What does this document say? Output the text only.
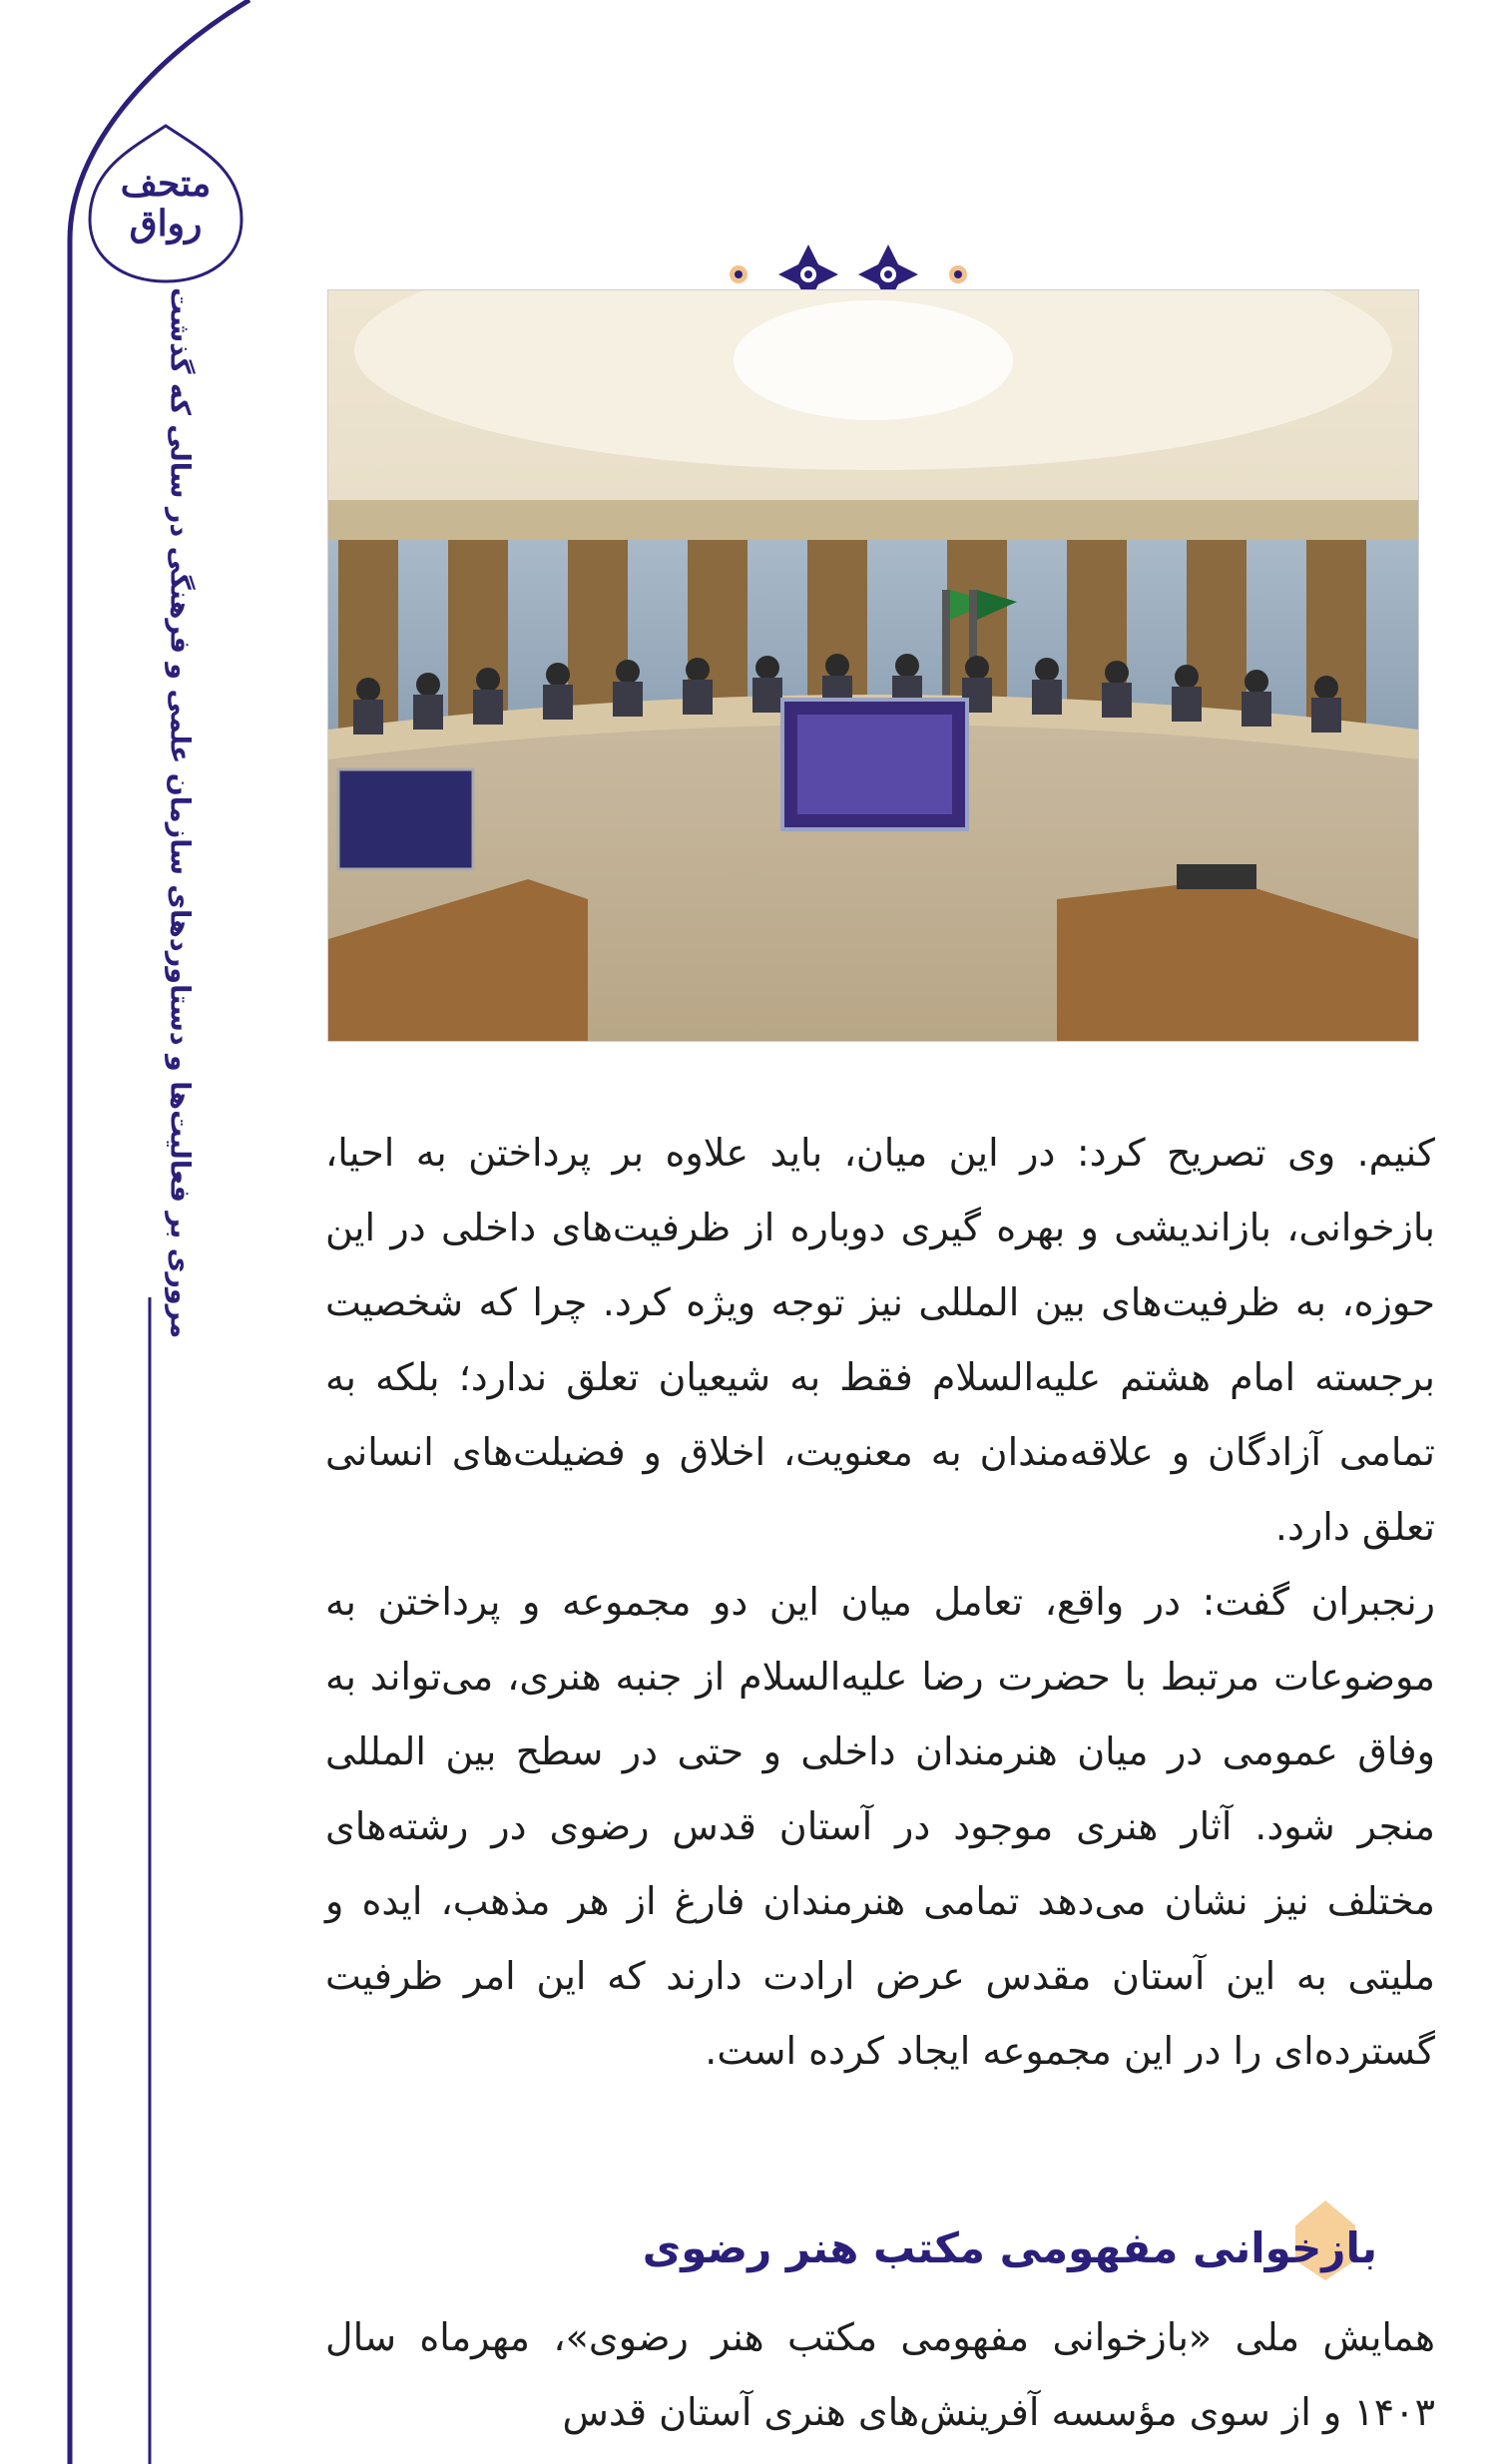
متحف رواق
مروری بر فعالیت‌ها و دستاوردهای سازمان علمی و فرهنگی در سالی که گذشت	کنیم. وی تصریح کرد: در این میان، باید علاوه بر پرداختن به احیا، بازخوانی، بازاندیشی و بهره گیری دوباره از ظرفیت‌های داخلی در این حوزه، به ظرفیت‌های بین المللی نیز توجه ویژه کرد. چرا که شخصیت برجسته امام هشتم علیه‌السلام فقط به شیعیان تعلق ندارد؛ بلکه به تمامی آزادگان و علاقه‌مندان به معنویت، اخلاق و فضیلت‌های انسانی تعلق دارد.

رنجبران گفت: در واقع، تعامل میان این دو مجموعه و پرداختن به موضوعات مرتبط با حضرت رضا علیه‌السلام از جنبه هنری، می‌تواند به وفاق عمومی در میان هنرمندان داخلی و حتی در سطح بین المللی منجر شود. آثار هنری موجود در آستان قدس رضوی در رشته‌های مختلف نیز نشان می‌دهد تمامی هنرمندان فارغ از هر مذهب، ایده و ملیتی به این آستان مقدس عرض ارادت دارند که این امر ظرفیت گسترده‌ای را در این مجموعه ایجاد کرده است.

بازخوانی مفهومی مکتب هنر رضوی

همایش ملی «بازخوانی مفهومی مکتب هنر رضوی»، مهرماه سال ۱۴۰۳ و از سوی مؤسسه آفرینش‌های هنری آستان قدس
